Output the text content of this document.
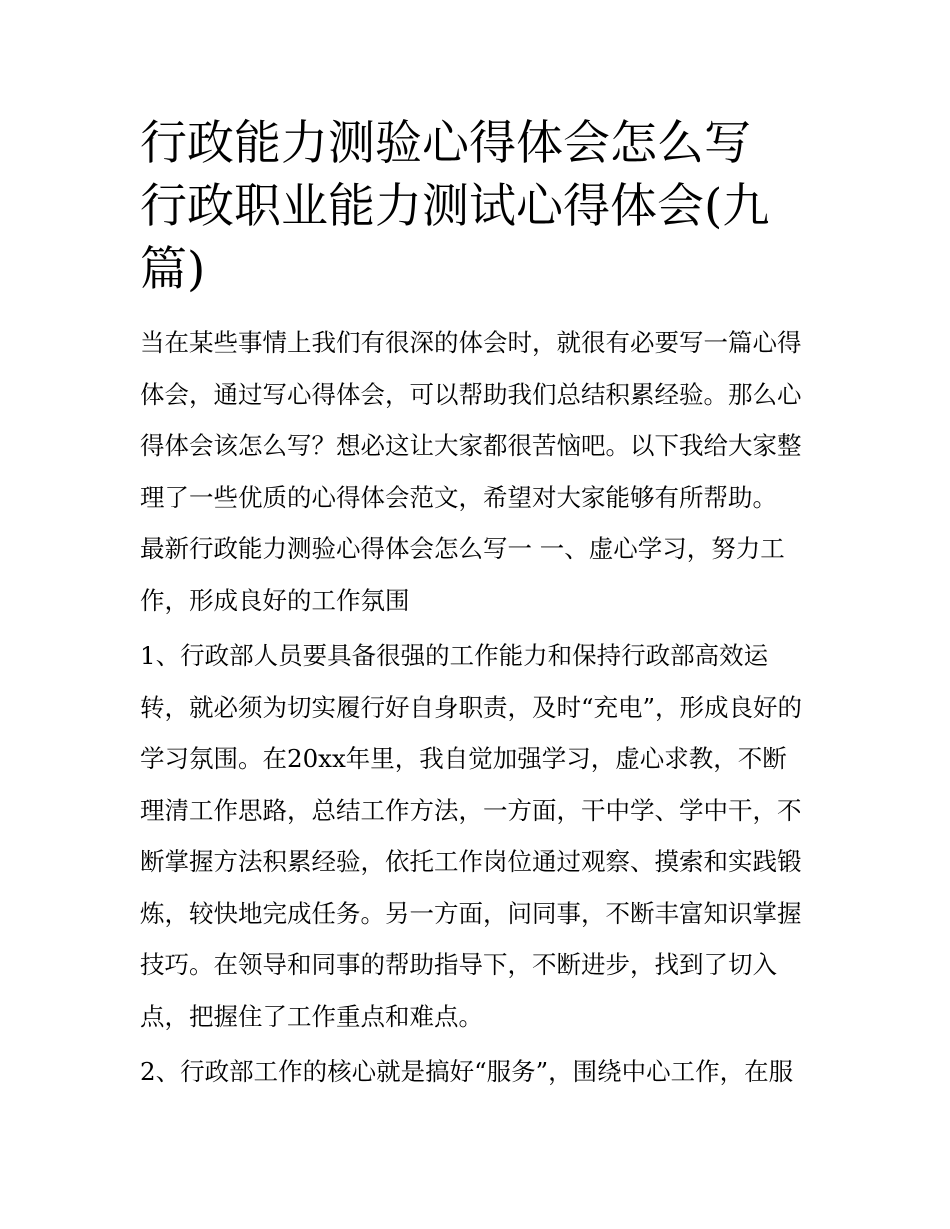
行政能力测验心得体会怎么写
行政职业能力测试心得体会(九
篇)

当在某些事情上我们有很深的体会时，就很有必要写一篇心得
体会，通过写心得体会，可以帮助我们总结积累经验。那么心
得体会该怎么写？想必这让大家都很苦恼吧。以下我给大家整
理了一些优质的心得体会范文，希望对大家能够有所帮助。

最新行政能力测验心得体会怎么写一 一、虚心学习，努力工
作，形成良好的工作氛围

1、行政部人员要具备很强的工作能力和保持行政部高效运
转，就必须为切实履行好自身职责，及时“充电”，形成良好的
学习氛围。在20xx年里，我自觉加强学习，虚心求教，不断
理清工作思路，总结工作方法，一方面，干中学、学中干，不
断掌握方法积累经验，依托工作岗位通过观察、摸索和实践锻
炼，较快地完成任务。另一方面，问同事，不断丰富知识掌握
技巧。在领导和同事的帮助指导下，不断进步，找到了切入
点，把握住了工作重点和难点。

2、行政部工作的核心就是搞好“服务”，围绕中心工作，在服
